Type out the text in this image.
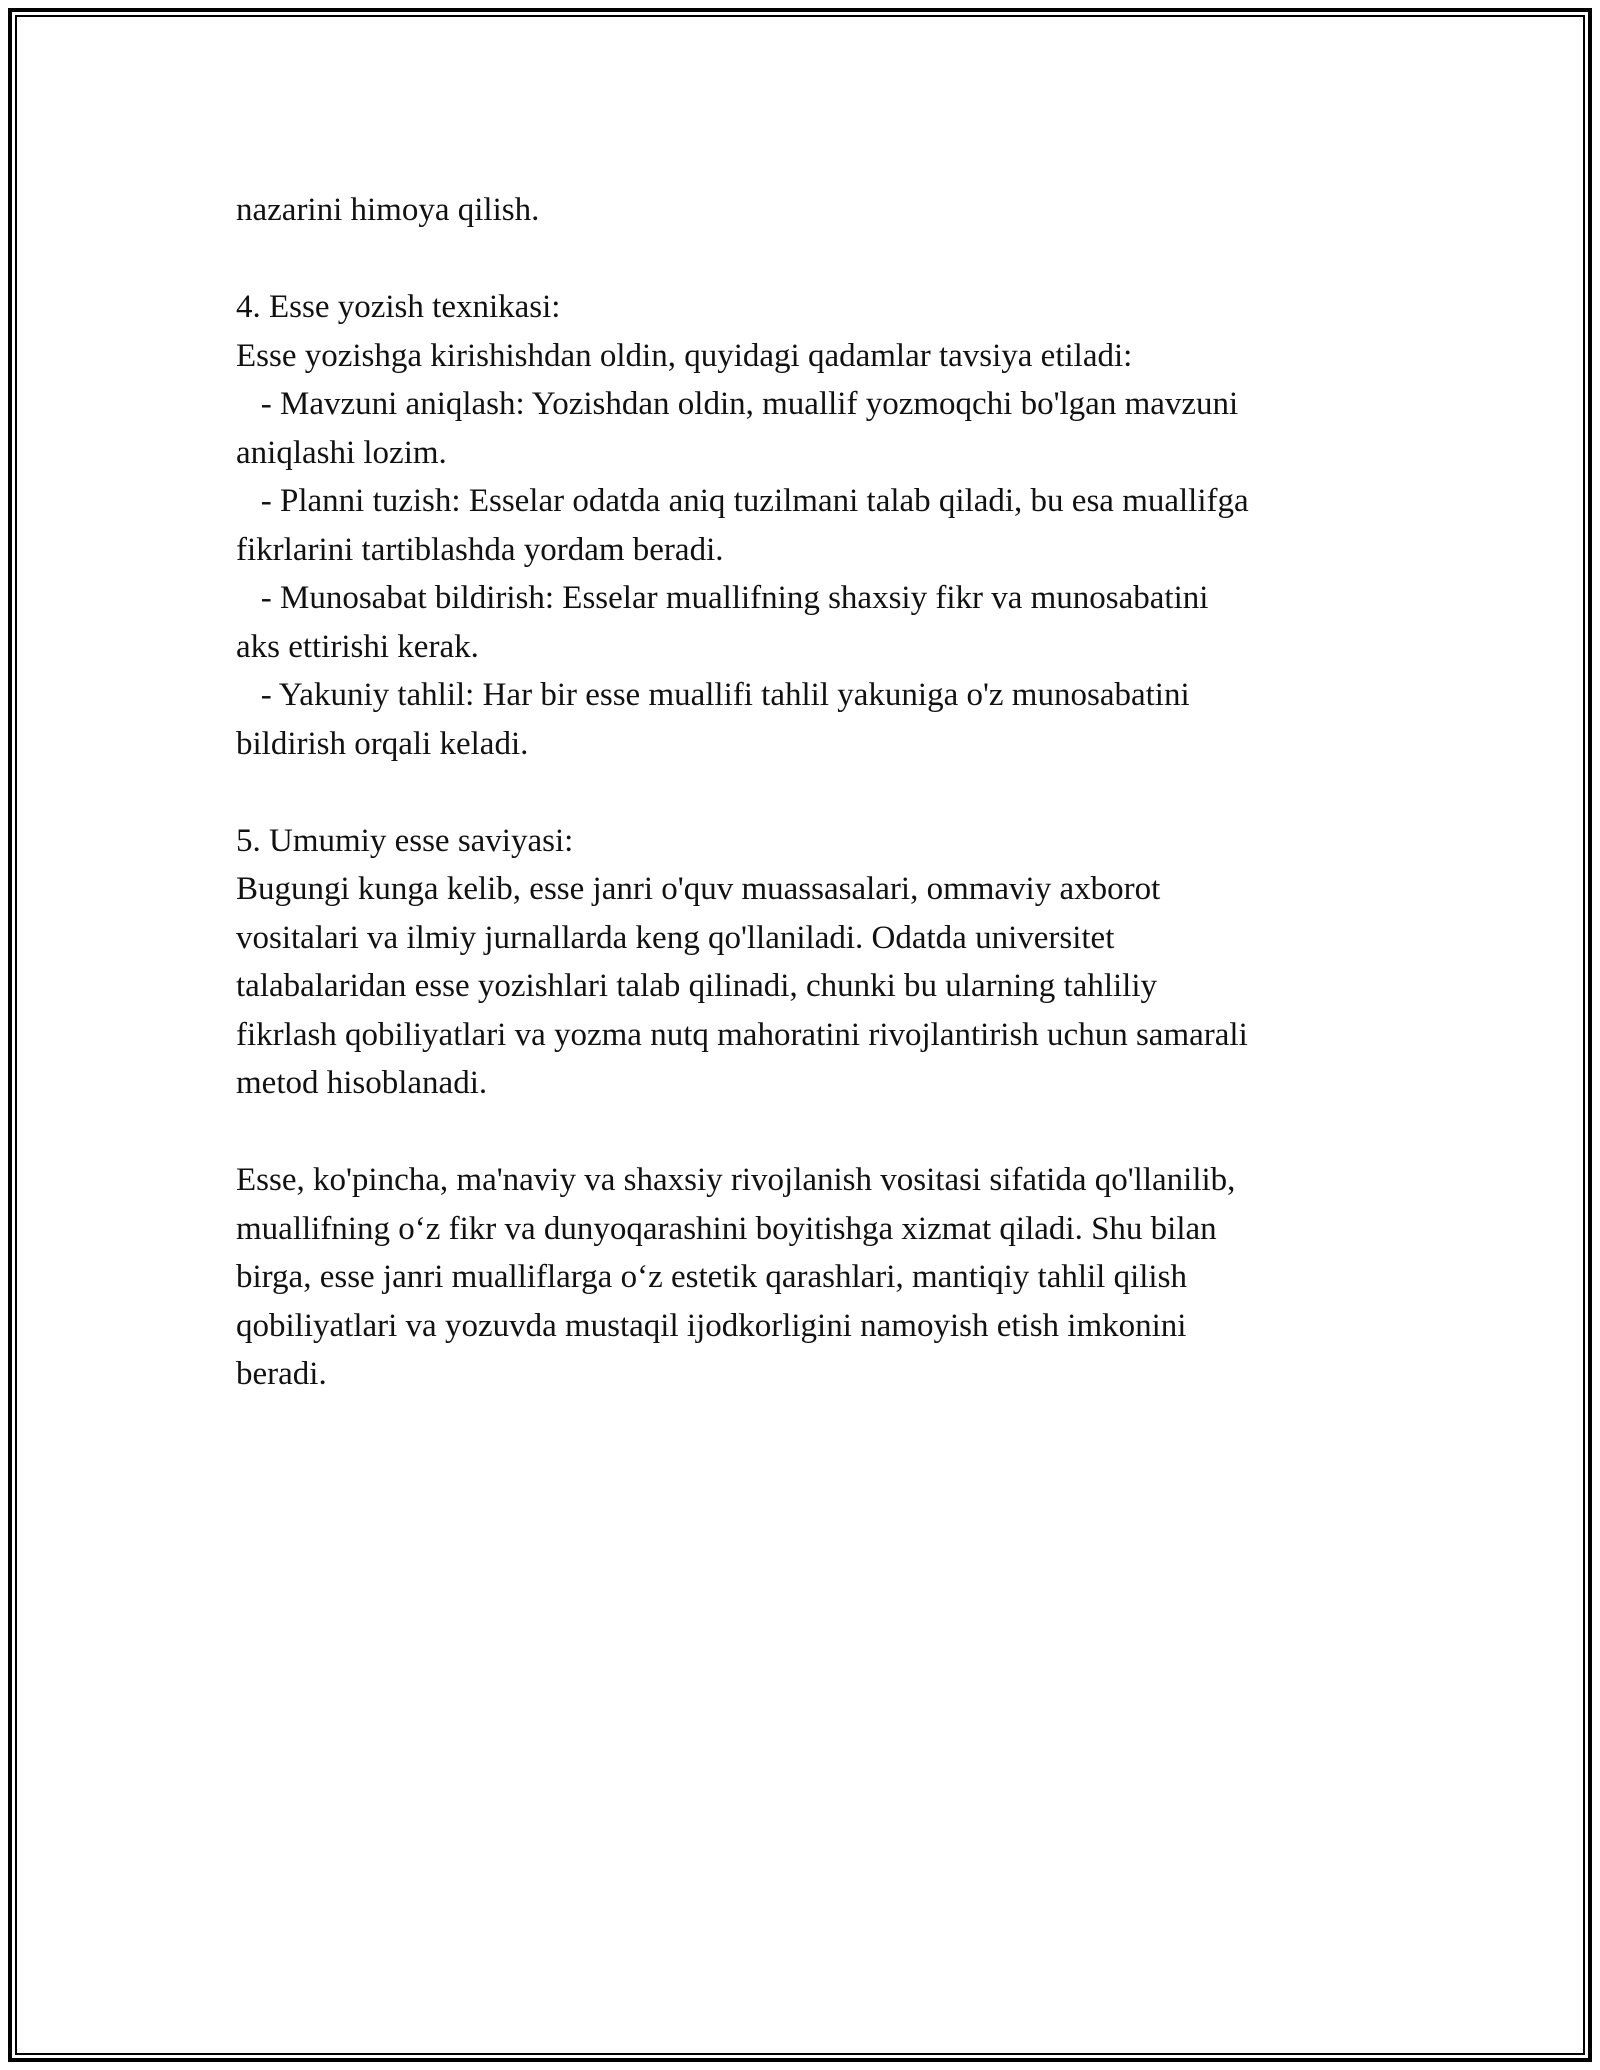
nazarini himoya qilish.
4. Esse yozish texnikasi:
Esse yozishga kirishishdan oldin, quyidagi qadamlar tavsiya etiladi:
- Mavzuni aniqlash: Yozishdan oldin, muallif yozmoqchi bo'lgan mavzuni
aniqlashi lozim.
- Planni tuzish: Esselar odatda aniq tuzilmani talab qiladi, bu esa muallifga
fikrlarini tartiblashda yordam beradi.
- Munosabat bildirish: Esselar muallifning shaxsiy fikr va munosabatini
aks ettirishi kerak.
- Yakuniy tahlil: Har bir esse muallifi tahlil yakuniga o'z munosabatini
bildirish orqali keladi.
5. Umumiy esse saviyasi:
Bugungi kunga kelib, esse janri o'quv muassasalari, ommaviy axborot
vositalari va ilmiy jurnallarda keng qo'llaniladi. Odatda universitet
talabalaridan esse yozishlari talab qilinadi, chunki bu ularning tahliliy
fikrlash qobiliyatlari va yozma nutq mahoratini rivojlantirish uchun samarali
metod hisoblanadi.
Esse, ko'pincha, ma'naviy va shaxsiy rivojlanish vositasi sifatida qo'llanilib,
muallifning o‘z fikr va dunyoqarashini boyitishga xizmat qiladi. Shu bilan
birga, esse janri mualliflarga o‘z estetik qarashlari, mantiqiy tahlil qilish
qobiliyatlari va yozuvda mustaqil ijodkorligini namoyish etish imkonini
beradi.
